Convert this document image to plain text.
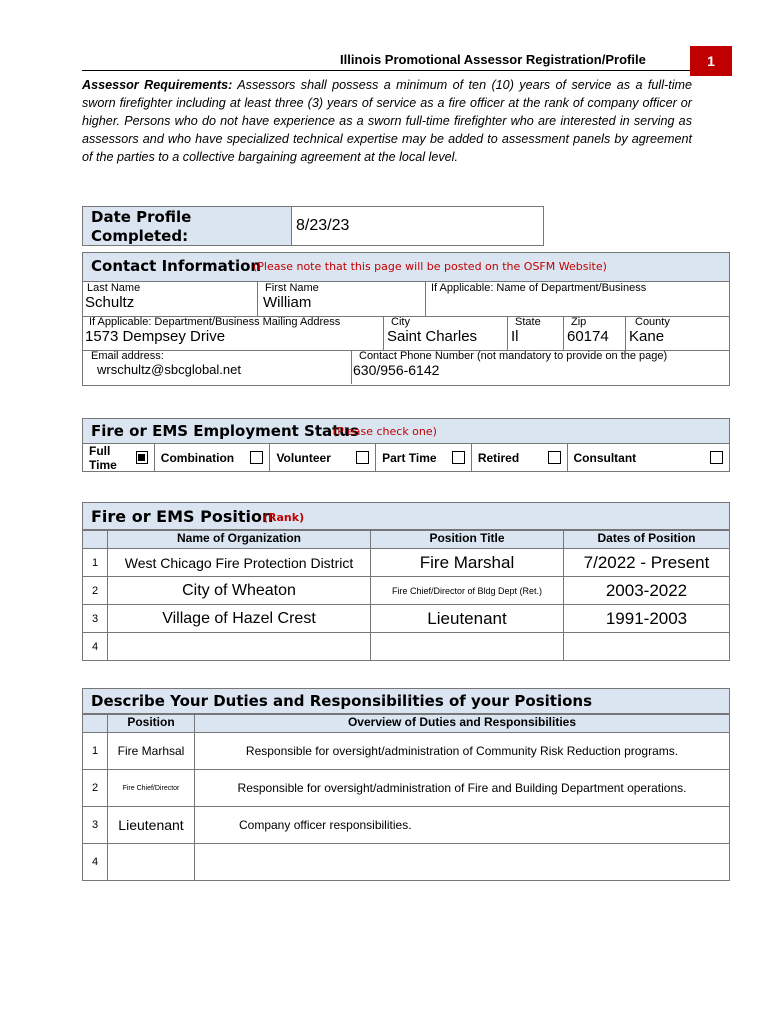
Illinois Promotional Assessor Registration/Profile	1
Assessor Requirements: Assessors shall possess a minimum of ten (10) years of service as a full-time sworn firefighter including at least three (3) years of service as a fire officer at the rank of company officer or higher. Persons who do not have experience as a sworn full-time firefighter who are interested in serving as assessors and who have specialized technical expertise may be added to assessment panels by agreement of the parties to a collective bargaining agreement at the local level.
Date Profile Completed:	8/23/23
Contact Information
(Please note that this page will be posted on the OSFM Website)
Last Name
Schultz
First Name
William
If Applicable: Name of Department/Business
If Applicable: Department/Business Mailing Address
1573 Dempsey Drive
City
Saint Charles
State
Il
Zip
60174
County
Kane
Email address:
wrschultz@sbcglobal.net
Contact Phone Number (not mandatory to provide on the page)
630/956-6142
Fire or EMS Employment Status
(Please check one)
Full Time	Combination	Volunteer	Part Time	Retired	Consultant
Fire or EMS Position
(Rank)
	Name of Organization	Position Title	Dates of Position
1	West Chicago Fire Protection District	Fire Marshal	7/2022 - Present
2	City of Wheaton	Fire Chief/Director of Bldg Dept (Ret.)	2003-2022
3	Village of Hazel Crest	Lieutenant	1991-2003
4			
Describe Your Duties and Responsibilities of your Positions
	Position	Overview of Duties and Responsibilities
1	Fire Marhsal	Responsible for oversight/administration of Community Risk Reduction programs.
2	Fire Chief/Director	Responsible for oversight/administration of Fire and Building Department operations.
3	Lieutenant	Company officer responsibilities.
4		
